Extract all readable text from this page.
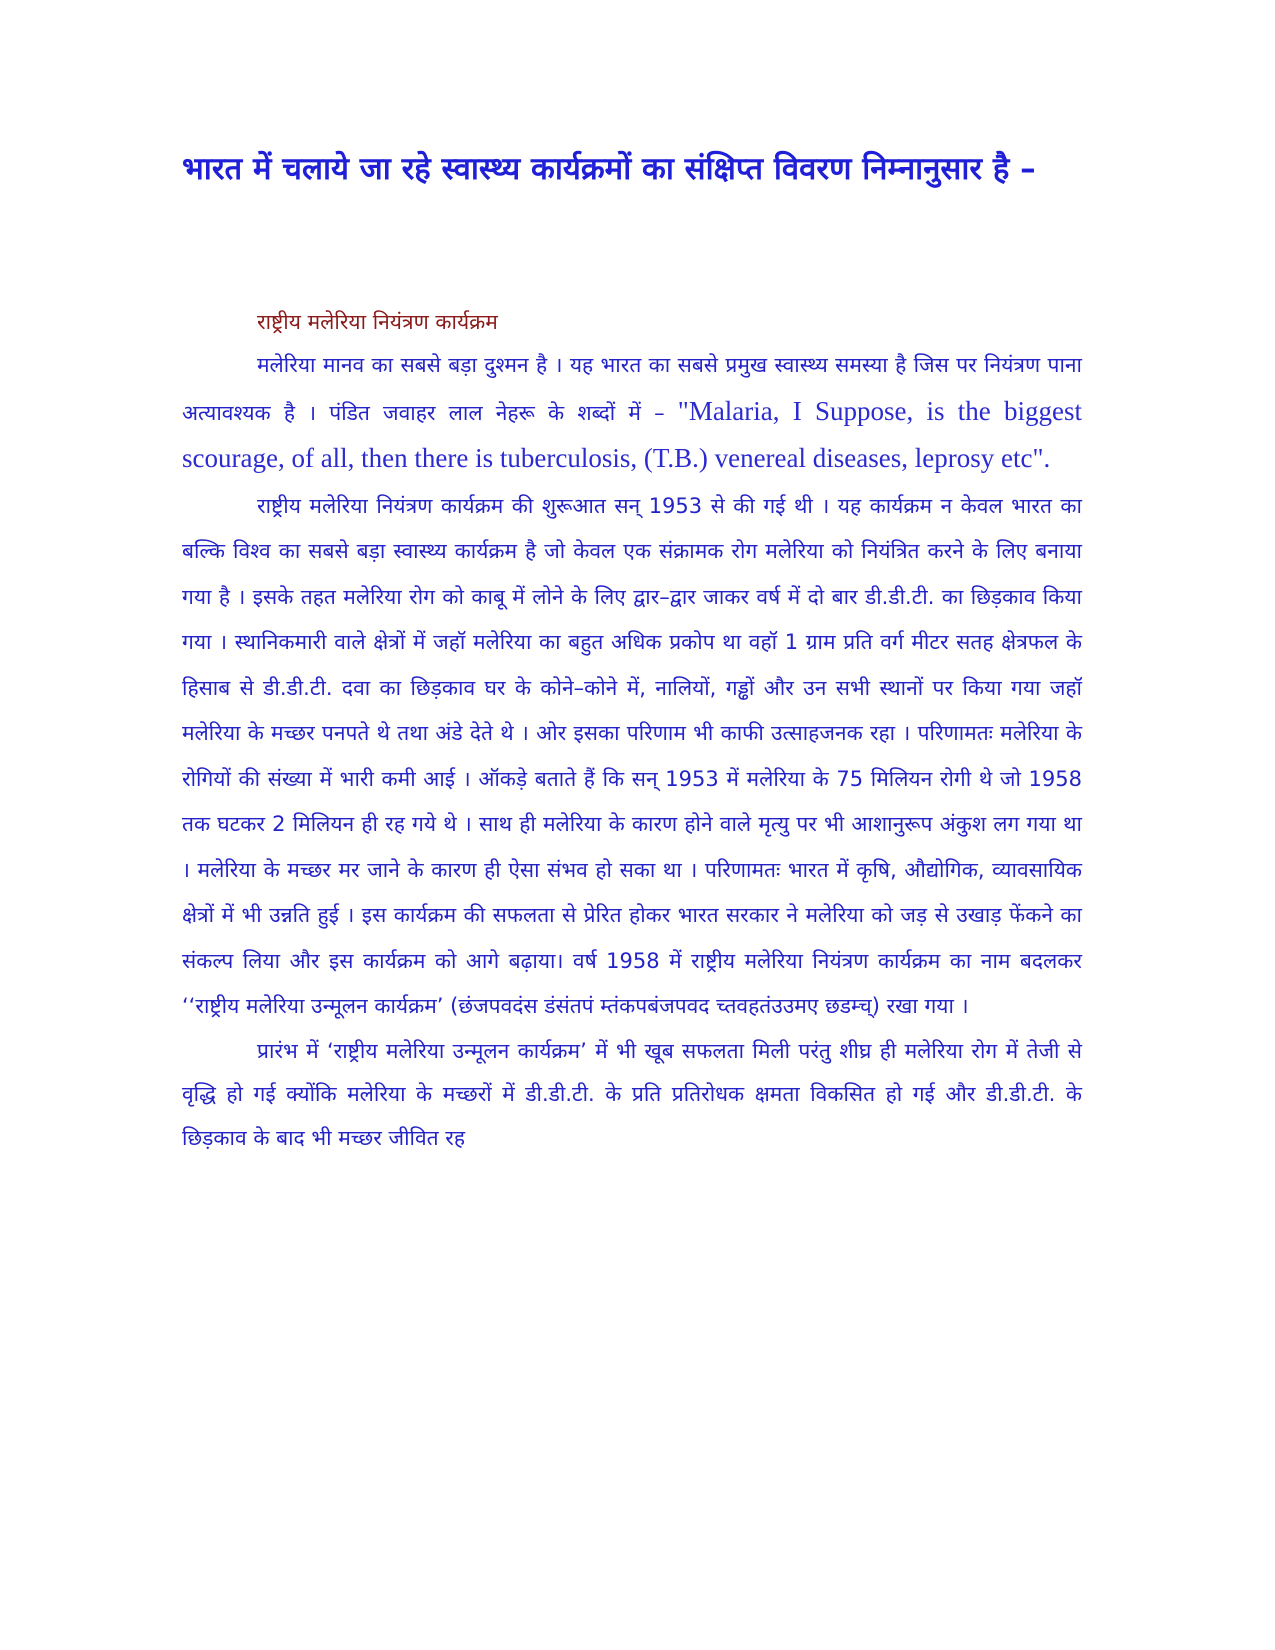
भारत में चलाये जा रहे स्वास्थ्य कार्यक्रमों का संक्षिप्त विवरण निम्नानुसार है –
राष्ट्रीय मलेरिया नियंत्रण कार्यक्रम

मलेरिया मानव का सबसे बड़ा दुश्मन है । यह भारत का सबसे प्रमुख स्वास्थ्य समस्या है जिस पर नियंत्रण पाना अत्यावश्यक है । पंडित जवाहर लाल नेहरू के शब्दों में – "Malaria, I Suppose, is the biggest scourage, of all, then there is tuberculosis, (T.B.) venereal diseases, leprosy etc".

राष्ट्रीय मलेरिया नियंत्रण कार्यक्रम की शुरूआत सन् 1953 से की गई थी । यह कार्यक्रम न केवल भारत का बल्कि विश्व का सबसे बड़ा स्वास्थ्य कार्यक्रम है जो केवल एक संक्रामक रोग मलेरिया को नियंत्रित करने के लिए बनाया गया है । इसके तहत मलेरिया रोग को काबू में लोने के लिए द्वार–द्वार जाकर वर्ष में दो बार डी.डी.टी. का छिड़काव किया गया । स्थानिकमारी वाले क्षेत्रों में जहॉ मलेरिया का बहुत अधिक प्रकोप था वहॉ 1 ग्राम प्रति वर्ग मीटर सतह क्षेत्रफल के हिसाब से डी.डी.टी. दवा का छिड़काव घर के कोने–कोने में, नालियों, गड्ढों और उन सभी स्थानों पर किया गया जहॉ मलेरिया के मच्छर पनपते थे तथा अंडे देते थे । ओर इसका परिणाम भी काफी उत्साहजनक रहा । परिणामतः मलेरिया के रोगियों की संख्या में भारी कमी आई । ऑकड़े बताते हैं कि सन् 1953 में मलेरिया के 75 मिलियन रोगी थे जो 1958 तक घटकर 2 मिलियन ही रह गये थे । साथ ही मलेरिया के कारण होने वाले मृत्यु पर भी आशानुरूप अंकुश लग गया था । मलेरिया के मच्छर मर जाने के कारण ही ऐसा संभव हो सका था । परिणामतः भारत में कृषि, औद्योगिक, व्यावसायिक क्षेत्रों में भी उन्नति हुई । इस कार्यक्रम की सफलता से प्रेरित होकर भारत सरकार ने मलेरिया को जड़ से उखाड़ फेंकने का संकल्प लिया और इस कार्यक्रम को आगे बढ़ाया। वर्ष 1958 में राष्ट्रीय मलेरिया नियंत्रण कार्यक्रम का नाम बदलकर ‘‘राष्ट्रीय मलेरिया उन्मूलन कार्यक्रम’ (छंजपवदंस डंसंतपं म्तंकपबंजपवद च्तवहतंउउमए छडम्च्) रखा गया ।

प्रारंभ में ‘राष्ट्रीय मलेरिया उन्मूलन कार्यक्रम’ में भी खूब सफलता मिली परंतु शीघ्र ही मलेरिया रोग में तेजी से वृद्धि हो गई क्योंकि मलेरिया के मच्छरों में डी.डी.टी. के प्रति प्रतिरोधक क्षमता विकसित हो गई और डी.डी.टी. के छिड़काव के बाद भी मच्छर जीवित रह
